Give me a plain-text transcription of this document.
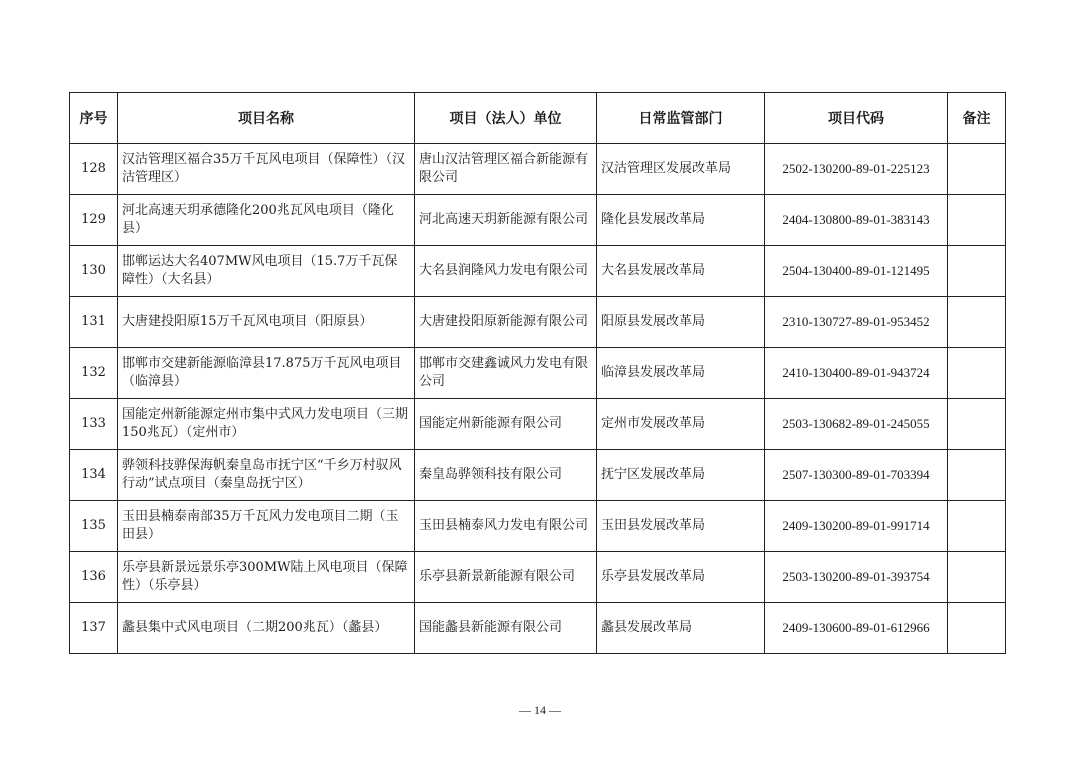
序号	项目名称	项目（法人）单位	日常监管部门	项目代码	备注
128	汉沽管理区福合35万千瓦风电项目（保障性）（汉沽管理区）	唐山汉沽管理区福合新能源有限公司	汉沽管理区发展改革局	2502-130200-89-01-225123	
129	河北高速天玥承德隆化200兆瓦风电项目（隆化县）	河北高速天玥新能源有限公司	隆化县发展改革局	2404-130800-89-01-383143	
130	邯郸运达大名407MW风电项目（15.7万千瓦保障性）（大名县）	大名县润隆风力发电有限公司	大名县发展改革局	2504-130400-89-01-121495	
131	大唐建投阳原15万千瓦风电项目（阳原县）	大唐建投阳原新能源有限公司	阳原县发展改革局	2310-130727-89-01-953452	
132	邯郸市交建新能源临漳县17.875万千瓦风电项目（临漳县）	邯郸市交建鑫诚风力发电有限公司	临漳县发展改革局	2410-130400-89-01-943724	
133	国能定州新能源定州市集中式风力发电项目（三期150兆瓦）（定州市）	国能定州新能源有限公司	定州市发展改革局	2503-130682-89-01-245055	
134	骅领科技骅保海帆秦皇岛市抚宁区“千乡万村驭风行动”试点项目（秦皇岛抚宁区）	秦皇岛骅领科技有限公司	抚宁区发展改革局	2507-130300-89-01-703394	
135	玉田县楠泰南部35万千瓦风力发电项目二期（玉田县）	玉田县楠泰风力发电有限公司	玉田县发展改革局	2409-130200-89-01-991714	
136	乐亭县新景远景乐亭300MW陆上风电项目（保障性）（乐亭县）	乐亭县新景新能源有限公司	乐亭县发展改革局	2503-130200-89-01-393754	
137	蠡县集中式风电项目（二期200兆瓦）（蠡县）	国能蠡县新能源有限公司	蠡县发展改革局	2409-130600-89-01-612966	
— 14 —
